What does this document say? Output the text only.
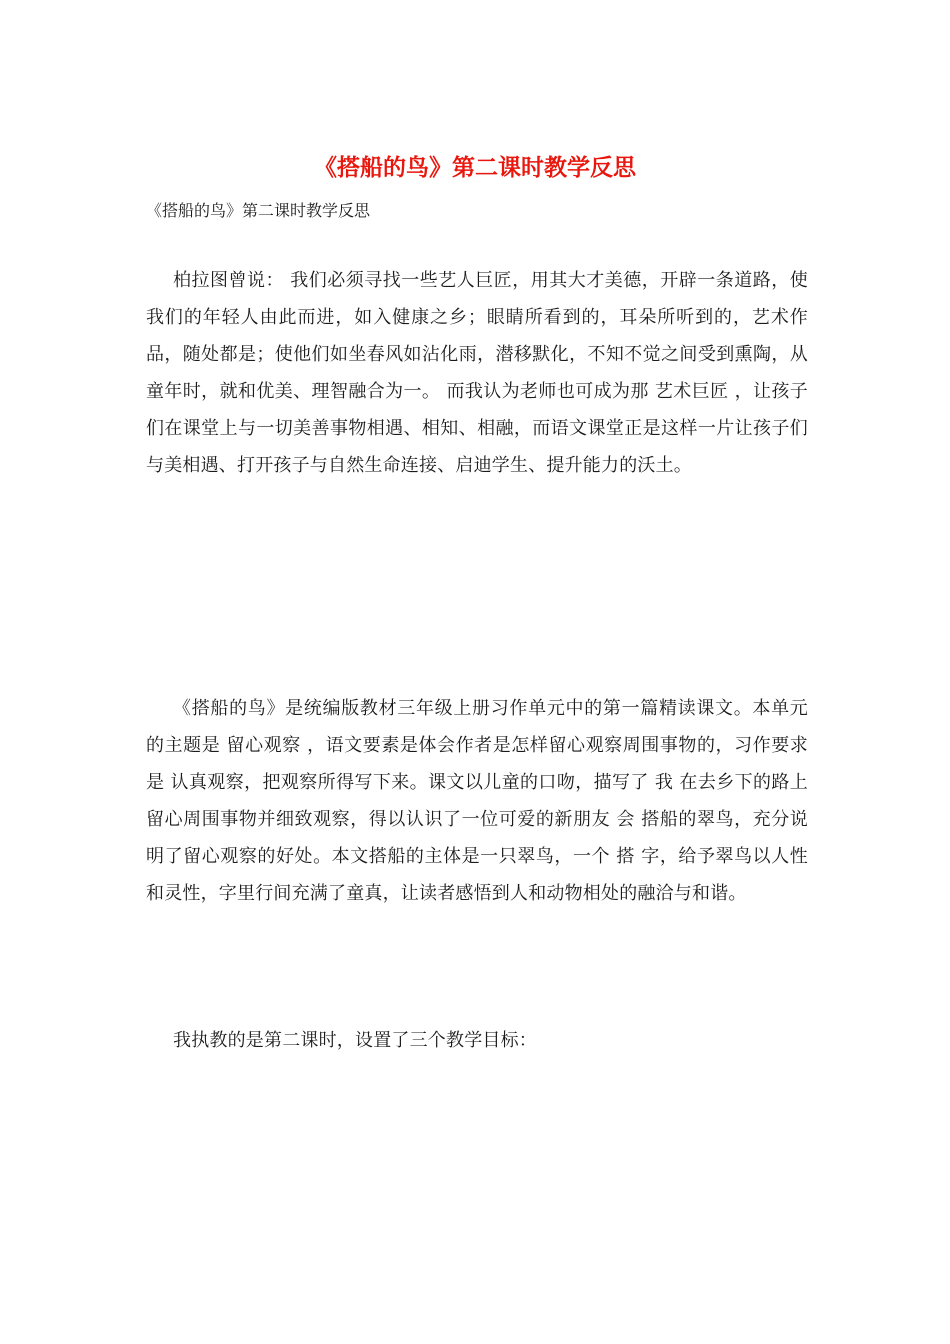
《搭船的鸟》第二课时教学反思
《搭船的鸟》第二课时教学反思

柏拉图曾说： 我们必须寻找一些艺人巨匠，用其大才美德，开辟一条道路，使我们的年轻人由此而进，如入健康之乡；眼睛所看到的，耳朵所听到的，艺术作品，随处都是；使他们如坐春风如沾化雨，潜移默化，不知不觉之间受到熏陶，从童年时，就和优美、理智融合为一。 而我认为老师也可成为那 艺术巨匠 ，让孩子们在课堂上与一切美善事物相遇、相知、相融，而语文课堂正是这样一片让孩子们与美相遇、打开孩子与自然生命连接、启迪学生、提升能力的沃土。

《搭船的鸟》是统编版教材三年级上册习作单元中的第一篇精读课文。本单元的主题是 留心观察 ，语文要素是体会作者是怎样留心观察周围事物的，习作要求是 认真观察，把观察所得写下来。课文以儿童的口吻，描写了 我 在去乡下的路上留心周围事物并细致观察，得以认识了一位可爱的新朋友 会 搭船的翠鸟，充分说明了留心观察的好处。本文搭船的主体是一只翠鸟，一个 搭 字，给予翠鸟以人性和灵性，字里行间充满了童真，让读者感悟到人和动物相处的融洽与和谐。

我执教的是第二课时，设置了三个教学目标：
